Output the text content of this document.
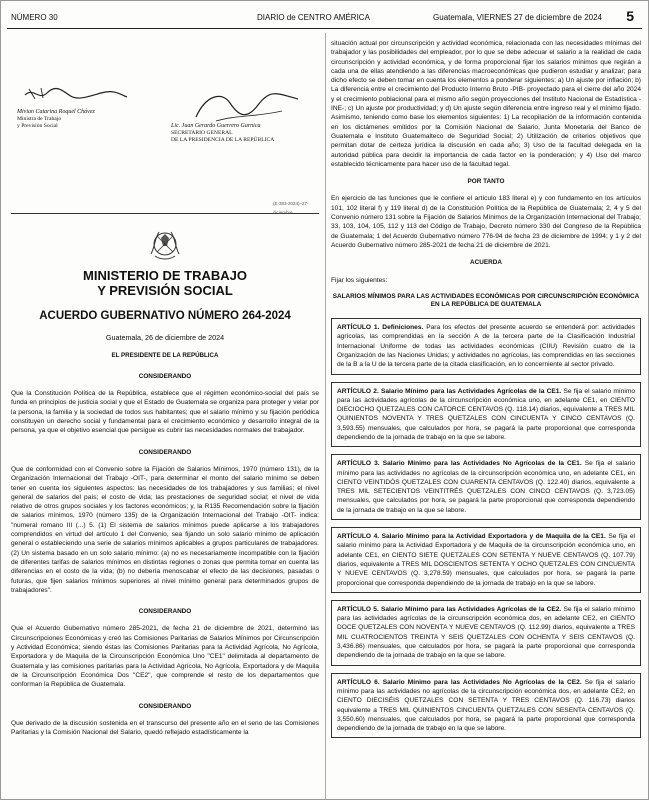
NÚMERO 30	DIARIO de CENTRO AMÉRICA	Guatemala, VIERNES 27 de diciembre de 2024 5
Mivian Catarina Roquel Chávez
Ministra de Trabajo
y Previsión Social	Lic. Juan Gerardo Guerrero Garnica
SECRETARIO GENERAL
DE LA PRESIDENCIA DE LA REPÚBLICA
(E-383-2024)–27-diciembre
MINISTERIO DE TRABAJO
Y PREVISIÓN SOCIAL
ACUERDO GUBERNATIVO NÚMERO 264-2024
Guatemala, 26 de diciembre de 2024
EL PRESIDENTE DE LA REPÚBLICA
CONSIDERANDO
Que la Constitución Política de la República, establece que el régimen económico-social del país se funda en principios de justicia social y que el Estado de Guatemala se organiza para proteger y velar por la persona, la familia y la sociedad de todos sus habitantes; que el salario mínimo y su fijación periódica constituyen un derecho social y fundamental para el crecimiento económico y desarrollo integral de la persona, ya que el objetivo esencial que persigue es cubrir las necesidades normales del trabajador.
CONSIDERANDO
Que de conformidad con el Convenio sobre la Fijación de Salarios Mínimos, 1970 (número 131), de la Organización Internacional del Trabajo -OIT-, para determinar el monto del salario mínimo se deben tener en cuenta los siguientes aspectos: las necesidades de los trabajadores y sus familias; el nivel general de salarios del país; el costo de vida; las prestaciones de seguridad social; el nivel de vida relativo de otros grupos sociales y los factores económicos; y, la R135 Recomendación sobre la fijación de salarios mínimos, 1970 (número 135) de la Organización Internacional del Trabajo -OIT- indica: "numeral romano III (...) 5. (1) El sistema de salarios mínimos puede aplicarse a los trabajadores comprendidos en virtud del artículo 1 del Convenio, sea fijando un solo salario mínimo de aplicación general o estableciendo una serie de salarios mínimos aplicables a grupos particulares de trabajadores. (2) Un sistema basado en un solo salario mínimo: (a) no es necesariamente incompatible con la fijación de diferentes tarifas de salarios mínimos en distintas regiones o zonas que permita tomar en cuenta las diferencias en el costo de la vida; (b) no debería menoscabar el efecto de las decisiones, pasadas o futuras, que fijen salarios mínimos superiores al nivel mínimo general para determinados grupos de trabajadores".
CONSIDERANDO
Que el Acuerdo Gubernativo número 285-2021, de fecha 21 de diciembre de 2021, determinó las Circunscripciones Económicas y creó las Comisiones Paritarias de Salarios Mínimos por Circunscripción y Actividad Económica; siendo éstas las Comisiones Paritarias para la Actividad Agrícola, No Agrícola, Exportadora y de Maquila de la Circunscripción Económica Uno "CE1" delimitada al departamento de Guatemala y las comisiones paritarias para la Actividad Agrícola, No Agrícola, Exportadora y de Maquila de la Circunscripción Económica Dos "CE2", que comprende el resto de los departamentos que conforman la República de Guatemala.
CONSIDERANDO
Que derivado de la discusión sostenida en el transcurso del presente año en el seno de las Comisiones Paritarias y la Comisión Nacional del Salario, quedó reflejado estadísticamente la
situación actual por circunscripción y actividad económica, relacionada con las necesidades mínimas del trabajador y las posibilidades del empleador, por lo que se debe adecuar el salario a la realidad de cada circunscripción y actividad económica, y de forma proporcional fijar los salarios mínimos que regirán a cada una de ellas atendiendo a las diferencias macroeconómicas que pudieron estudiar y analizar; para dicho efecto se deben tomar en cuenta los elementos a ponderar siguientes: a) Un ajuste por inflación; b) La diferencia entre el crecimiento del Producto Interno Bruto -PIB- proyectado para el cierre del año 2024 y el crecimiento poblacional para el mismo año según proyecciones del Instituto Nacional de Estadística -INE-; c) Un ajuste por productividad; y d) Un ajuste según diferencia entre ingreso real y el mínimo fijado. Asimismo, teniendo como base los elementos siguientes: 1) La recopilación de la información contenida en los dictámenes emitidos por la Comisión Nacional de Salario, Junta Monetaria del Banco de Guatemala e Instituto Guatemalteco de Seguridad Social; 2) Utilización de criterios objetivos que permitan dotar de certeza jurídica la discusión en cada año; 3) Uso de la facultad delegada en la autoridad pública para decidir la importancia de cada factor en la ponderación; y 4) Uso del marco establecido técnicamente para hacer uso de la facultad legal.
POR TANTO
En ejercicio de las funciones que le confiere el artículo 183 literal e) y con fundamento en los artículos 101, 102 literal f) y 119 literal d) de la Constitución Política de la República de Guatemala; 2, 4 y 5 del Convenio número 131 sobre la Fijación de Salarios Mínimos de la Organización Internacional del Trabajo; 33, 103, 104, 105, 112 y 113 del Código de Trabajo, Decreto número 330 del Congreso de la República de Guatemala; 1 del Acuerdo Gubernativo número 776-94 de fecha 23 de diciembre de 1994; y 1 y 2 del Acuerdo Gubernativo número 285-2021 de fecha 21 de diciembre de 2021.
ACUERDA
Fijar los siguientes:
SALARIOS MÍNIMOS PARA LAS ACTIVIDADES ECONÓMICAS POR CIRCUNSCRIPCIÓN ECONÓMICA EN LA REPÚBLICA DE GUATEMALA
ARTÍCULO 1. Definiciones. Para los efectos del presente acuerdo se entenderá por: actividades agrícolas, las comprendidas en la sección A de la tercera parte de la Clasificación Industrial Internacional Uniforme de todas las actividades económicas (CIIU) Revisión cuatro de la Organización de las Naciones Unidas; y actividades no agrícolas, las comprendidas en las secciones de la B a la U de la tercera parte de la citada clasificación, en lo concerniente al sector privado.
ARTÍCULO 2. Salario Mínimo para las Actividades Agrícolas de la CE1. Se fija el salario mínimo para las actividades agrícolas de la circunscripción económica uno, en adelante CE1, en CIENTO DIECIOCHO QUETZALES CON CATORCE CENTAVOS (Q. 118.14) diarios, equivalente a TRES MIL QUINIENTOS NOVENTA Y TRES QUETZALES CON CINCUENTA Y CINCO CENTAVOS (Q. 3,593.55) mensuales, que calculados por hora, se pagará la parte proporcional que corresponda dependiendo de la jornada de trabajo en la que se labore.
ARTÍCULO 3. Salario Mínimo para las Actividades No Agrícolas de la CE1. Se fija el salario mínimo para las actividades no agrícolas de la circunscripción económica uno, en adelante CE1, en CIENTO VEINTIDÓS QUETZALES CON CUARENTA CENTAVOS (Q. 122.40) diarios, equivalente a TRES MIL SETECIENTOS VEINTITRÉS QUETZALES CON CINCO CENTAVOS (Q. 3,723.05) mensuales, que calculados por hora, se pagará la parte proporcional que corresponda dependiendo de la jornada de trabajo en la que se labore.
ARTÍCULO 4. Salario Mínimo para la Actividad Exportadora y de Maquila de la CE1. Se fija el salario mínimo para la Actividad Exportadora y de Maquila de la circunscripción económica uno, en adelante CE1, en CIENTO SIETE QUETZALES CON SETENTA Y NUEVE CENTAVOS (Q. 107.79) diarios, equivalente a TRES MIL DOSCIENTOS SETENTA Y OCHO QUETZALES CON CINCUENTA Y NUEVE CENTAVOS (Q. 3,278.59) mensuales, que calculados por hora, se pagará la parte proporcional que corresponda dependiendo de la jornada de trabajo en la que se labore.
ARTÍCULO 5. Salario Mínimo para las Actividades Agrícolas de la CE2. Se fija el salario mínimo para las actividades agrícolas de la circunscripción económica dos, en adelante CE2, en CIENTO DOCE QUETZALES CON NOVENTA Y NUEVE CENTAVOS (Q. 112.99) diarios, equivalente a TRES MIL CUATROCIENTOS TREINTA Y SEIS QUETZALES CON OCHENTA Y SEIS CENTAVOS (Q. 3,436.86) mensuales, que calculados por hora, se pagará la parte proporcional que corresponda dependiendo de la jornada de trabajo en la que se labore.
ARTÍCULO 6. Salario Mínimo para las Actividades No Agrícolas de la CE2. Se fija el salario mínimo para las actividades no agrícolas de la circunscripción económica dos, en adelante CE2, en CIENTO DIECISÉIS QUETZALES CON SETENTA Y TRES CENTAVOS (Q. 116.73) diarios equivalente a TRES MIL QUINIENTOS CINCUENTA QUETZALES CON SESENTA CENTAVOS (Q. 3,550.60) mensuales, que calculados por hora, se pagará la parte proporcional que corresponda dependiendo de la jornada de trabajo en la que se labore.
